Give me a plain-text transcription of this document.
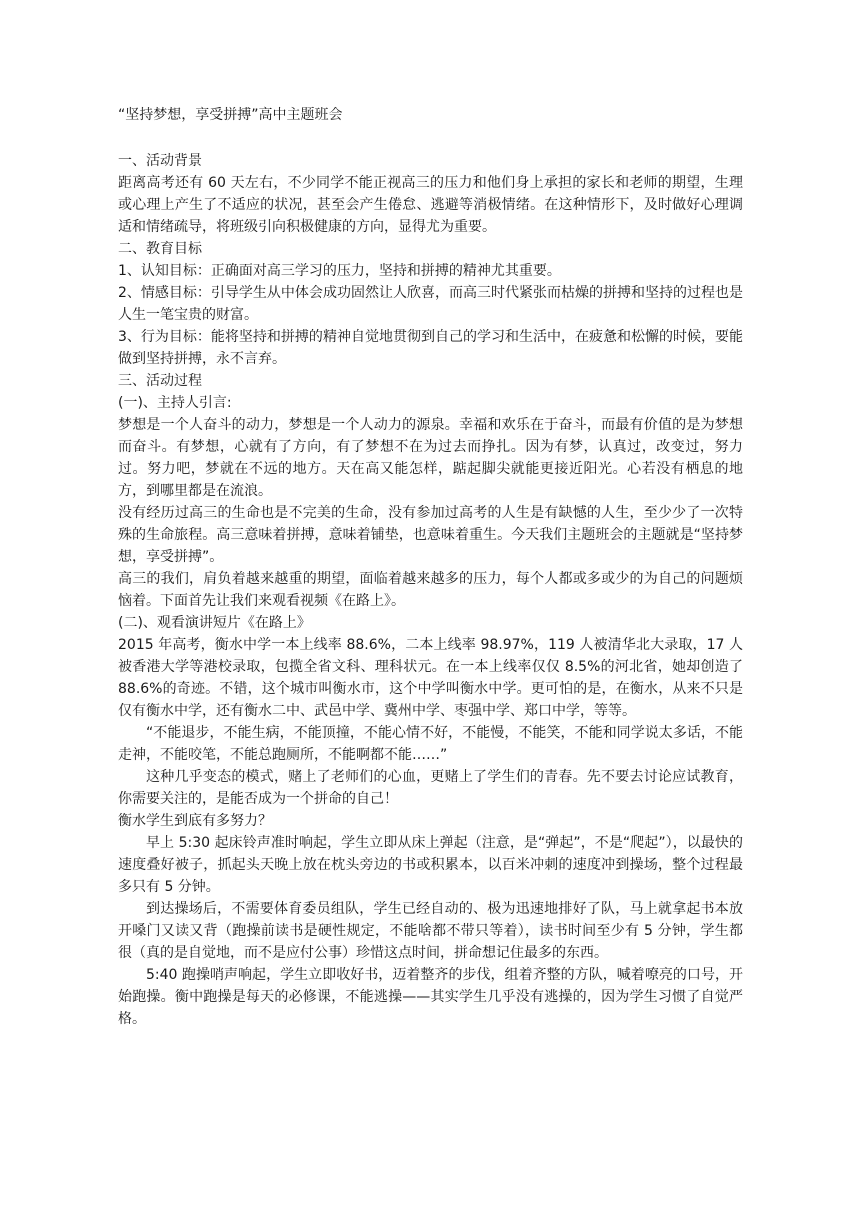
“坚持梦想，享受拼搏”高中主题班会

一、活动背景

距离高考还有 60 天左右，不少同学不能正视高三的压力和他们身上承担的家长和老师的期望，生理或心理上产生了不适应的状况，甚至会产生倦怠、逃避等消极情绪。在这种情形下，及时做好心理调适和情绪疏导，将班级引向积极健康的方向，显得尤为重要。

二、教育目标

1、认知目标：正确面对高三学习的压力，坚持和拼搏的精神尤其重要。

2、情感目标：引导学生从中体会成功固然让人欣喜，而高三时代紧张而枯燥的拼搏和坚持的过程也是人生一笔宝贵的财富。

3、行为目标：能将坚持和拼搏的精神自觉地贯彻到自己的学习和生活中，在疲惫和松懈的时候，要能做到坚持拼搏，永不言弃。

三、活动过程

(一)、主持人引言:

梦想是一个人奋斗的动力，梦想是一个人动力的源泉。幸福和欢乐在于奋斗，而最有价值的是为梦想而奋斗。有梦想，心就有了方向，有了梦想不在为过去而挣扎。因为有梦，认真过，改变过，努力过。努力吧，梦就在不远的地方。天在高又能怎样，踮起脚尖就能更接近阳光。心若没有栖息的地方，到哪里都是在流浪。

没有经历过高三的生命也是不完美的生命，没有参加过高考的人生是有缺憾的人生，至少少了一次特殊的生命旅程。高三意味着拼搏，意味着铺垫，也意味着重生。今天我们主题班会的主题就是“坚持梦想，享受拼搏”。

高三的我们，肩负着越来越重的期望，面临着越来越多的压力，每个人都或多或少的为自己的问题烦恼着。下面首先让我们来观看视频《在路上》。

(二)、观看演讲短片《在路上》

2015 年高考，衡水中学一本上线率 88.6%，二本上线率 98.97%，119 人被清华北大录取，17 人被香港大学等港校录取，包揽全省文科、理科状元。在一本上线率仅仅 8.5%的河北省，她却创造了 88.6%的奇迹。不错，这个城市叫衡水市，这个中学叫衡水中学。更可怕的是，在衡水，从来不只是仅有衡水中学，还有衡水二中、武邑中学、冀州中学、枣强中学、郑口中学，等等。

“不能退步，不能生病，不能顶撞，不能心情不好，不能慢，不能笑，不能和同学说太多话，不能走神，不能咬笔，不能总跑厕所，不能啊都不能……”

这种几乎变态的模式，赌上了老师们的心血，更赌上了学生们的青春。先不要去讨论应试教育，你需要关注的，是能否成为一个拼命的自己！

衡水学生到底有多努力？

早上 5:30 起床铃声准时响起，学生立即从床上弹起（注意，是“弹起”，不是“爬起”），以最快的速度叠好被子，抓起头天晚上放在枕头旁边的书或积累本，以百米冲刺的速度冲到操场，整个过程最多只有 5 分钟。

到达操场后，不需要体育委员组队，学生已经自动的、极为迅速地排好了队，马上就拿起书本放开嗓门又读又背（跑操前读书是硬性规定，不能啥都不带只等着），读书时间至少有 5 分钟，学生都很（真的是自觉地，而不是应付公事）珍惜这点时间，拼命想记住最多的东西。

5:40 跑操哨声响起，学生立即收好书，迈着整齐的步伐，组着齐整的方队，喊着嘹亮的口号，开始跑操。衡中跑操是每天的必修课，不能逃操——其实学生几乎没有逃操的，因为学生习惯了自觉严格。
